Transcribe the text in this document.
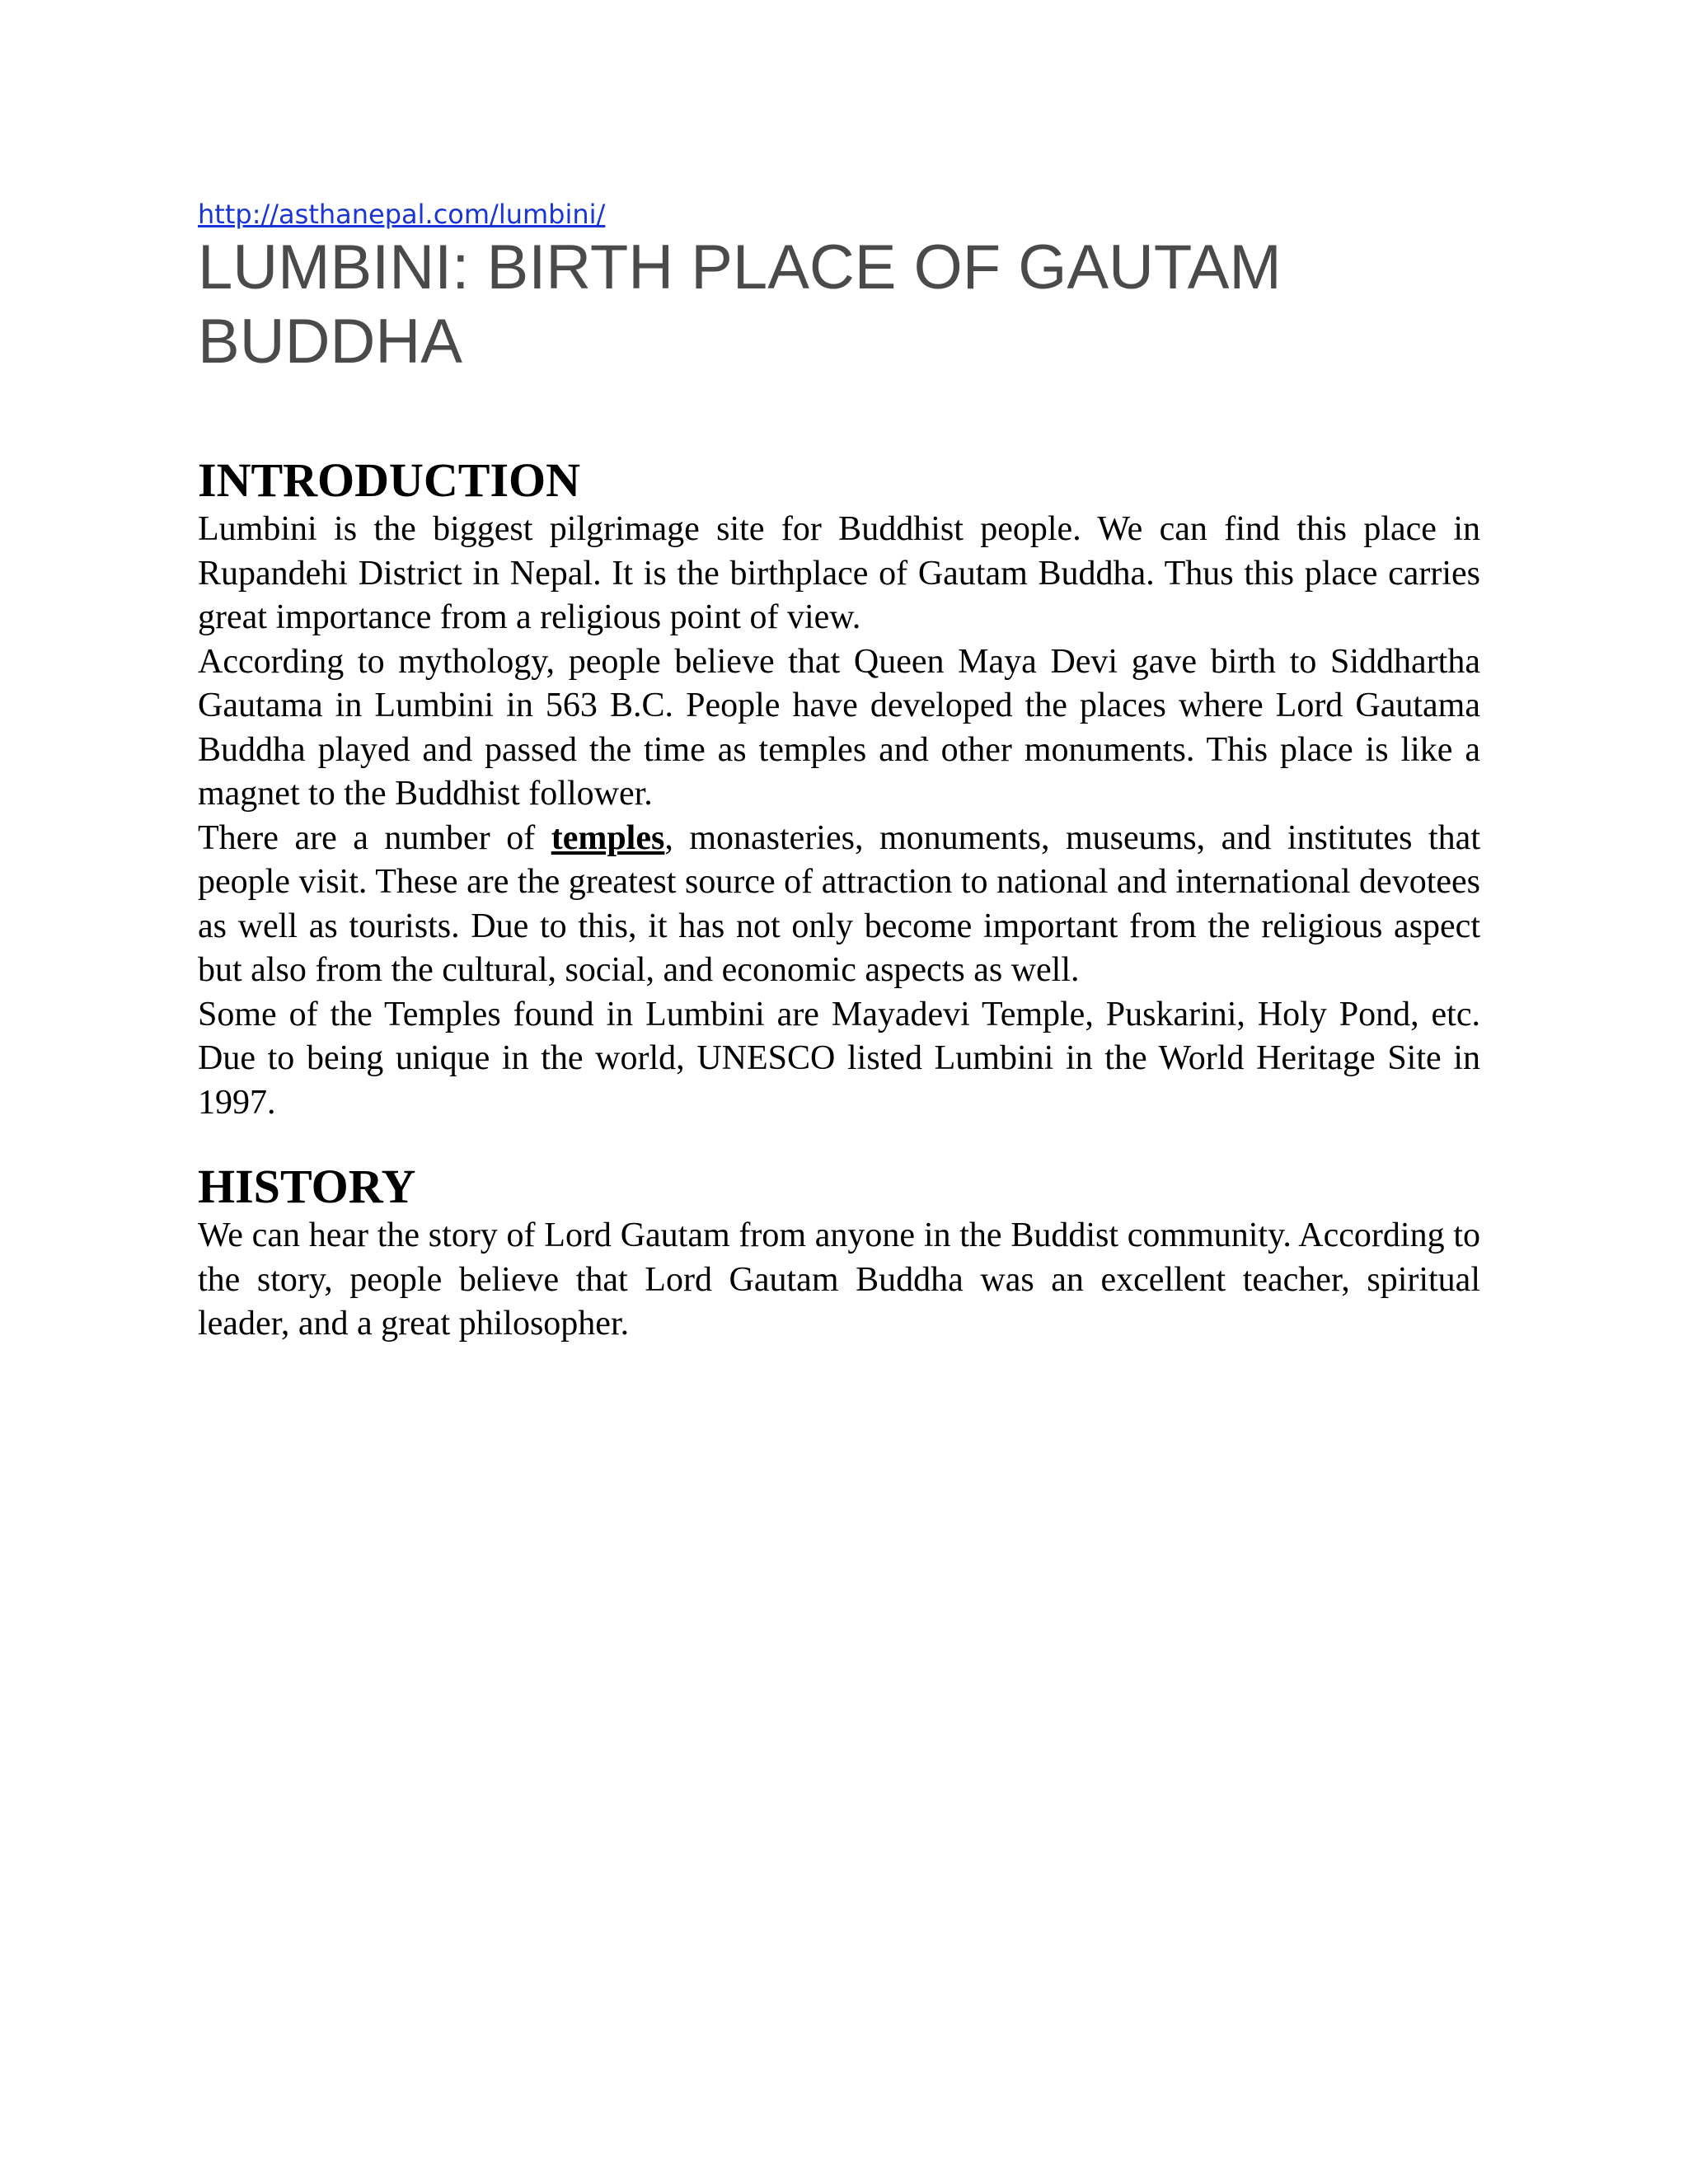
http://asthanepal.com/lumbini/
LUMBINI: BIRTH PLACE OF GAUTAM BUDDHA
INTRODUCTION

Lumbini is the biggest pilgrimage site for Buddhist people. We can find this place in Rupandehi District in Nepal. It is the birthplace of Gautam Buddha. Thus this place carries great importance from a religious point of view.

According to mythology, people believe that Queen Maya Devi gave birth to Siddhartha Gautama in Lumbini in 563 B.C. People have developed the places where Lord Gautama Buddha played and passed the time as temples and other monuments. This place is like a magnet to the Buddhist follower.

There are a number of temples, monasteries, monuments, museums, and institutes that people visit. These are the greatest source of attraction to national and international devotees as well as tourists. Due to this, it has not only become important from the religious aspect but also from the cultural, social, and economic aspects as well.

Some of the Temples found in Lumbini are Mayadevi Temple, Puskarini, Holy Pond, etc. Due to being unique in the world, UNESCO listed Lumbini in the World Heritage Site in 1997.

HISTORY

We can hear the story of Lord Gautam from anyone in the Buddist community. According to the story, people believe that Lord Gautam Buddha was an excellent teacher, spiritual leader, and a great philosopher.
